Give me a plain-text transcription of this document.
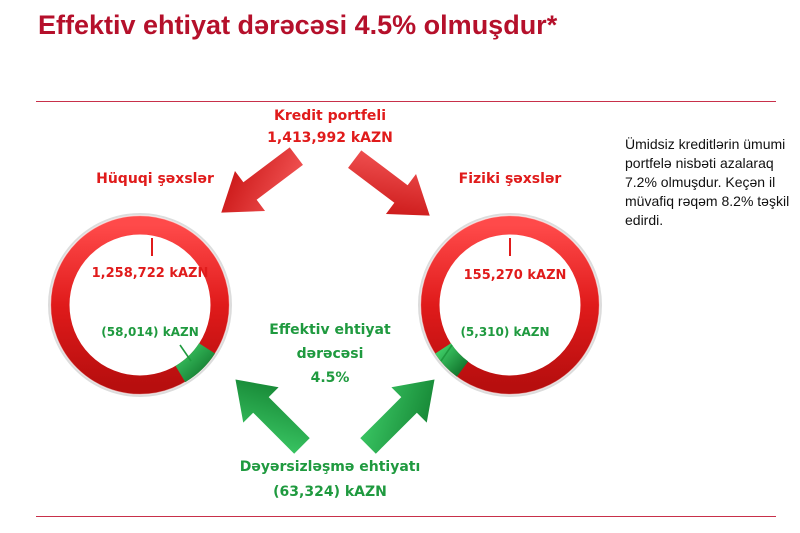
Effektiv ehtiyat dərəcəsi 4.5% olmuşdur*
Kredit portfeli
1,413,992 kAZN
Hüquqi şəxslər	Fiziki şəxslər
1,258,722 kAZN	155,270 kAZN
(58,014) kAZN	(5,310) kAZN
Effektiv ehtiyat
dərəcəsi
4.5%
Dəyərsizləşmə ehtiyatı
(63,324) kAZN
Ümidsiz kreditlərin ümumi portfelə nisbəti azalaraq 7.2% olmuşdur. Keçən il müvafiq rəqəm 8.2% təşkil edirdi.
